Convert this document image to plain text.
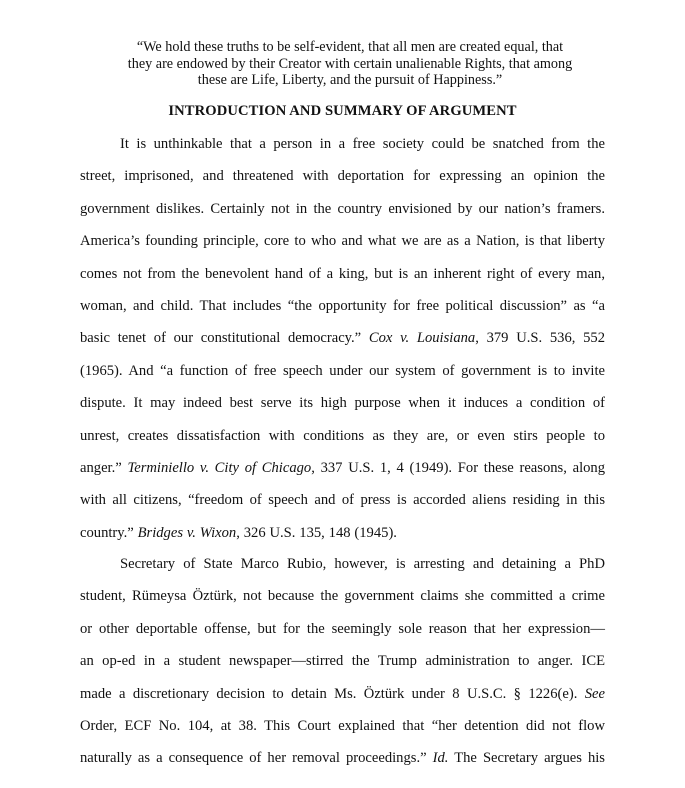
“We hold these truths to be self-evident, that all men are created equal, that
they are endowed by their Creator with certain unalienable Rights, that among
these are Life, Liberty, and the pursuit of Happiness.”
INTRODUCTION AND SUMMARY OF ARGUMENT
It is unthinkable that a person in a free society could be snatched from the
street, imprisoned, and threatened with deportation for expressing an opinion the
government dislikes. Certainly not in the country envisioned by our nation’s framers.
America’s founding principle, core to who and what we are as a Nation, is that liberty
comes not from the benevolent hand of a king, but is an inherent right of every man,
woman, and child. That includes “the opportunity for free political discussion” as “a
basic tenet of our constitutional democracy.” Cox v. Louisiana, 379 U.S. 536, 552
(1965). And “a function of free speech under our system of government is to invite
dispute. It may indeed best serve its high purpose when it induces a condition of
unrest, creates dissatisfaction with conditions as they are, or even stirs people to
anger.” Terminiello v. City of Chicago, 337 U.S. 1, 4 (1949). For these reasons, along
with all citizens, “freedom of speech and of press is accorded aliens residing in this
country.” Bridges v. Wixon, 326 U.S. 135, 148 (1945).
Secretary of State Marco Rubio, however, is arresting and detaining a PhD
student, Rümeysa Öztürk, not because the government claims she committed a crime
or other deportable offense, but for the seemingly sole reason that her expression—
an op-ed in a student newspaper—stirred the Trump administration to anger. ICE
made a discretionary decision to detain Ms. Öztürk under 8 U.S.C. § 1226(e). See
Order, ECF No. 104, at 38. This Court explained that “her detention did not flow
naturally as a consequence of her removal proceedings.” Id. The Secretary argues his
